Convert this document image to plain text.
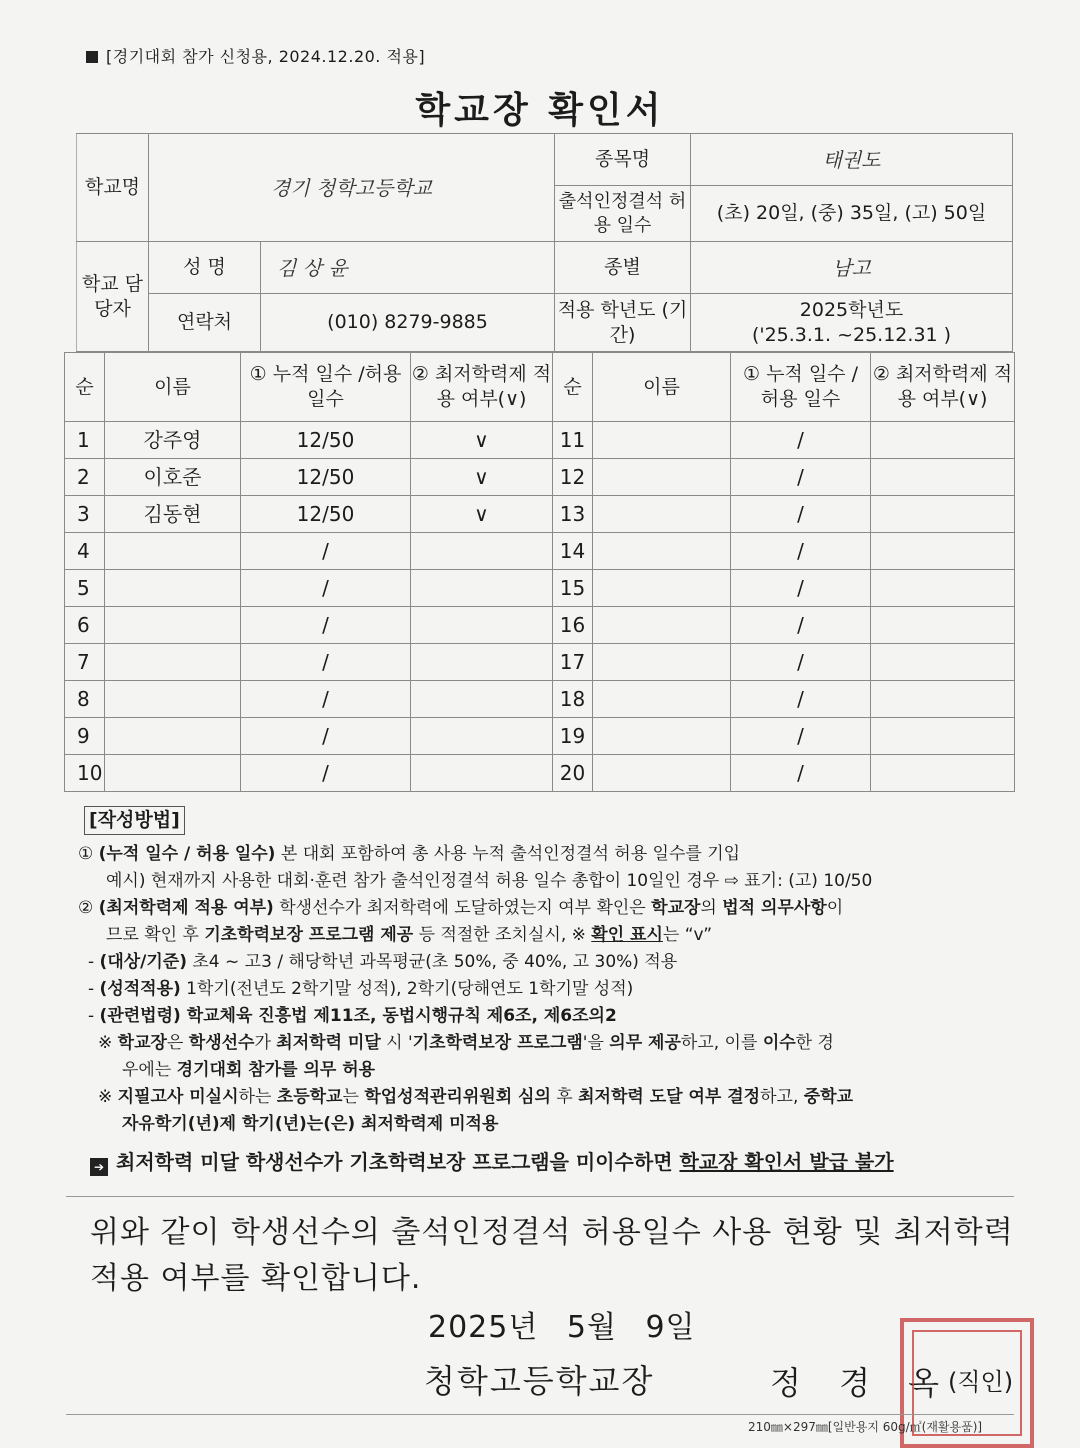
[경기대회 참가 신청용, 2024.12.20. 적용]
학교장 확인서
학교명	경기 청학고등학교		종목명	태권도
			출석인정결석 허용 일수	(초) 20일, (중) 35일, (고) 50일
학교 담당자	성 명	김 상 윤	종별	남고
	연락처	(010) 8279-9885	적용 학년도 (기간)	2025학년도
('25.3.1. ~25.12.31 )
순	이름	① 누적 일수 /허용 일수	② 최저학력제 적용 여부(∨)	순	이름	① 누적 일수 / 허용 일수	② 최저학력제 적용 여부(∨)
1	강주영	12/50	∨	11		/	
2	이호준	12/50	∨	12		/	
3	김동현	12/50	∨	13		/	
4		/		14		/	
5		/		15		/	
6		/		16		/	
7		/		17		/	
8		/		18		/	
9		/		19		/	
10		/		20		/	
[작성방법]
① (누적 일수 / 허용 일수) 본 대회 포함하여 총 사용 누적 출석인정결석 허용 일수를 기입
예시) 현재까지 사용한 대회·훈련 참가 출석인정결석 허용 일수 총합이 10일인 경우 ⇨ 표기: (고) 10/50
② (최저학력제 적용 여부) 학생선수가 최저학력에 도달하였는지 여부 확인은 학교장의 법적 의무사항이
므로 확인 후 기초학력보장 프로그램 제공 등 적절한 조치실시, ※ 확인 표시는 “v”
- (대상/기준) 초4 ~ 고3 / 해당학년 과목평균(초 50%, 중 40%, 고 30%) 적용
- (성적적용) 1학기(전년도 2학기말 성적), 2학기(당해연도 1학기말 성적)
- (관련법령) 학교체육 진흥법 제11조, 동법시행규칙 제6조, 제6조의2
※ 학교장은 학생선수가 최저학력 미달 시 '기초학력보장 프로그램'을 의무 제공하고, 이를 이수한 경
우에는 경기대회 참가를 의무 허용
※ 지필고사 미실시하는 초등학교는 학업성적관리위원회 심의 후 최저학력 도달 여부 결정하고, 중학교
자유학기(년)제 학기(년)는(은) 최저학력제 미적용
➔ 최저학력 미달 학생선수가 기초학력보장 프로그램을 미이수하면 학교장 확인서 발급 불가
위와 같이 학생선수의 출석인정결석 허용일수 사용 현황 및 최저학력 적용 여부를 확인합니다.
2025년 5월 9일
청학고등학교장	정 경 옥
(직인)
210㎜×297㎜[일반용지 60g/㎡(재활용품)]
